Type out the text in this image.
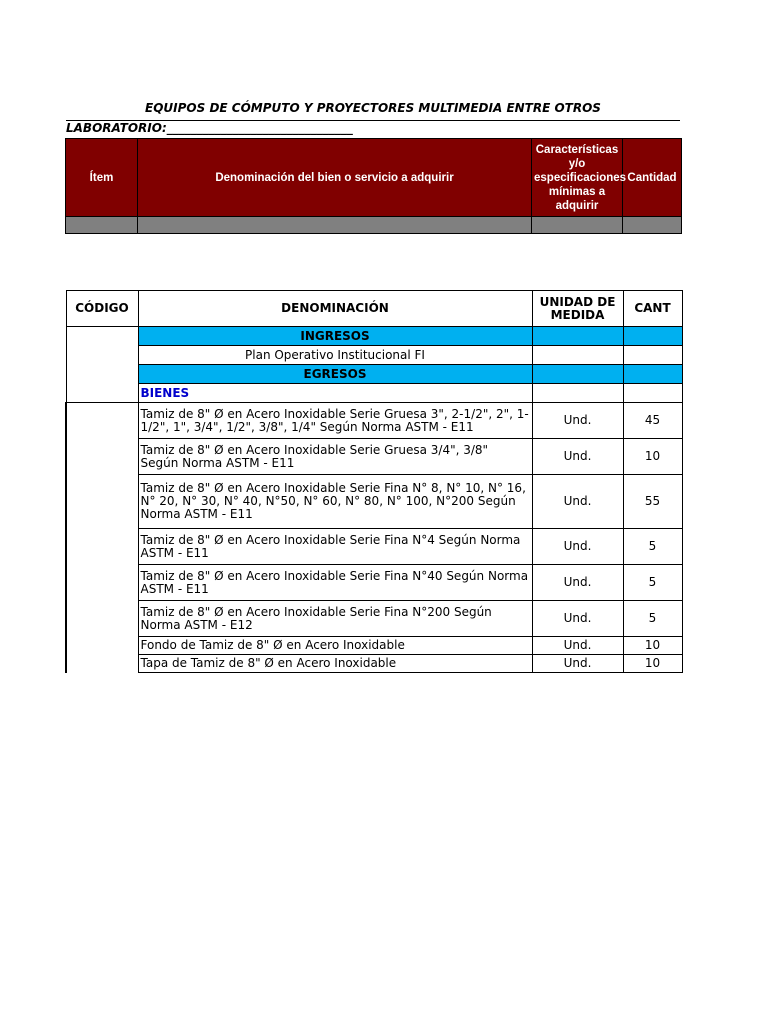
EQUIPOS DE CÓMPUTO Y PROYECTORES MULTIMEDIA ENTRE OTROS
LABORATORIO:_______________________________
Ítem	Denominación del bien o servicio a adquirir	Características y/o especificaciones mínimas a adquirir	Cantidad

CÓDIGO	DENOMINACIÓN	UNIDAD DE MEDIDA	CANT
	INGRESOS		
	Plan Operativo Institucional FI		
	EGRESOS		
	BIENES		
	Tamiz de 8" Ø en Acero Inoxidable Serie Gruesa 3", 2-1/2", 2", 1-1/2", 1", 3/4", 1/2", 3/8", 1/4" Según Norma ASTM - E11	Und.	45
	Tamiz de 8" Ø en Acero Inoxidable Serie Gruesa 3/4", 3/8" Según Norma ASTM - E11	Und.	10
	Tamiz de 8" Ø en Acero Inoxidable Serie Fina N° 8, N° 10, N° 16, N° 20, N° 30, N° 40, N°50, N° 60, N° 80, N° 100, N°200 Según Norma ASTM - E11	Und.	55
	Tamiz de 8" Ø en Acero Inoxidable Serie Fina N°4 Según Norma ASTM - E11	Und.	5
	Tamiz de 8" Ø en Acero Inoxidable Serie Fina N°40 Según Norma ASTM - E11	Und.	5
	Tamiz de 8" Ø en Acero Inoxidable Serie Fina N°200 Según Norma ASTM - E12	Und.	5
	Fondo de Tamiz de 8" Ø en Acero Inoxidable	Und.	10
	Tapa de Tamiz de 8" Ø en Acero Inoxidable	Und.	10
